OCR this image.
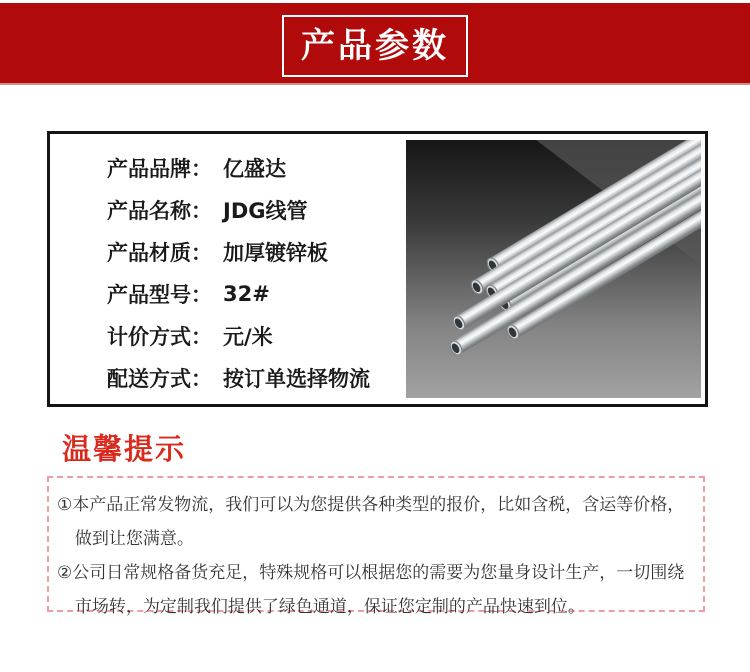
产品参数
产品品牌： 亿盛达
产品名称： JDG线管
产品材质： 加厚镀锌板
产品型号： 32#
计价方式： 元/米
配送方式： 按订单选择物流
温馨提示

①本产品正常发物流，我们可以为您提供各种类型的报价，比如含税，含运等价格，做到让您满意。

②公司日常规格备货充足，特殊规格可以根据您的需要为您量身设计生产，一切围绕市场转，为定制我们提供了绿色通道，保证您定制的产品快速到位。
